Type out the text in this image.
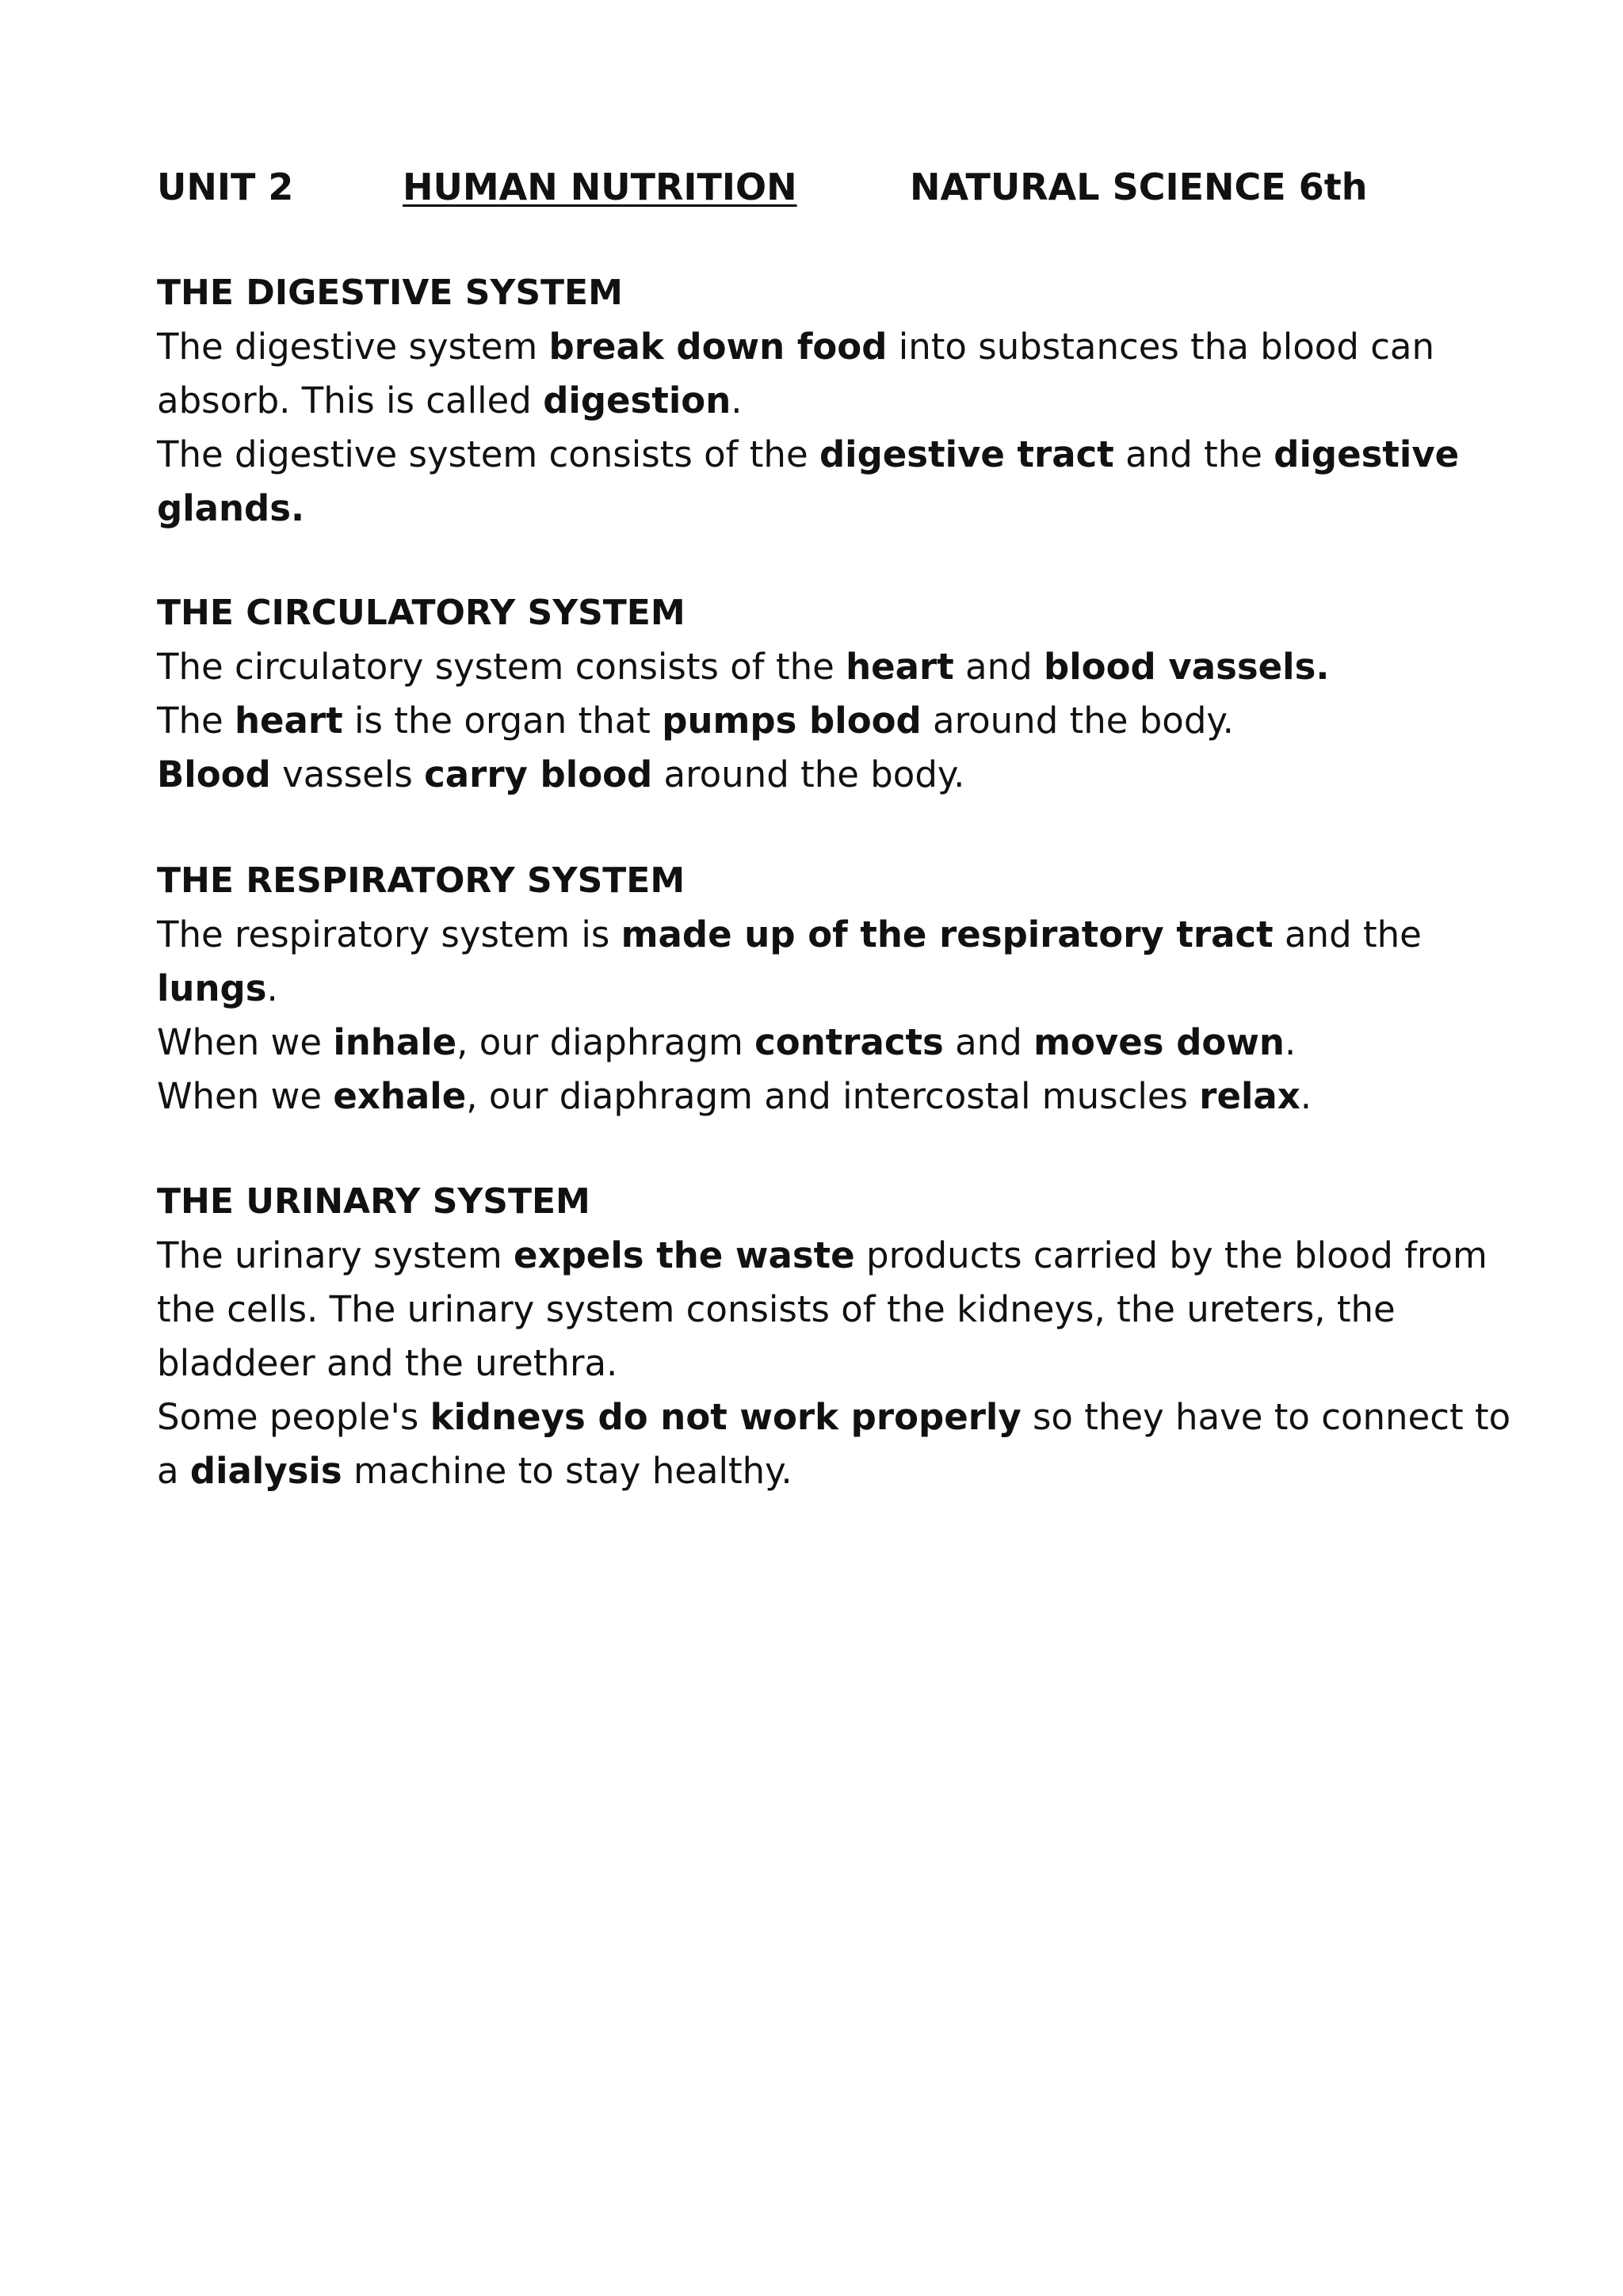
UNIT 2	HUMAN NUTRITION	NATURAL SCIENCE 6th
THE DIGESTIVE SYSTEM
The digestive system break down food into substances tha blood can
absorb. This is called digestion.
The digestive system consists of the digestive tract and the digestive
glands.
THE CIRCULATORY SYSTEM
The circulatory system consists of the heart and blood vassels.
The heart is the organ that pumps blood around the body.
Blood vassels carry blood around the body.
THE RESPIRATORY SYSTEM
The respiratory system is made up of the respiratory tract and the
lungs.
When we inhale, our diaphragm contracts and moves down.
When we exhale, our diaphragm and intercostal muscles relax.
THE URINARY SYSTEM
The urinary system expels the waste products carried by the blood from
the cells. The urinary system consists of the kidneys, the ureters, the
bladdeer and the urethra.
Some people's kidneys do not work properly so they have to connect to
a dialysis machine to stay healthy.
